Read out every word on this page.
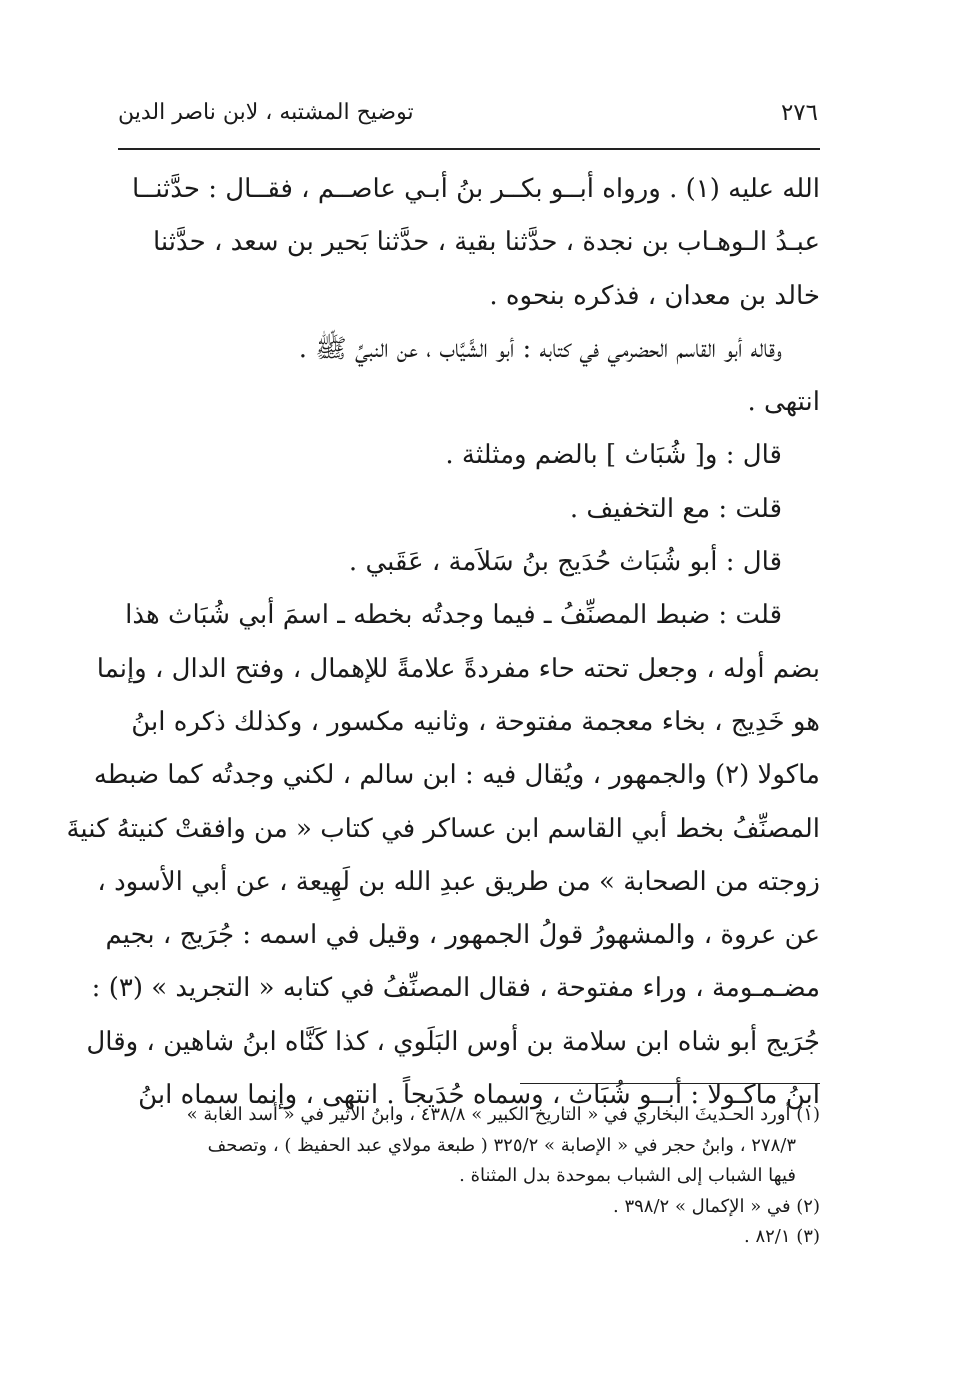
٢٧٦
توضيح المشتبه ، لابن ناصر الدين
الله عليه (١) . ورواه أبــو بكــر بنُ أبـي عاصــم ، فقــال : حدَّثنــا
عبـدُ الـوهـاب بن نجدة ، حدَّثنا بقية ، حدَّثنا بَحير بن سعد ، حدَّثنا
خالد بن معدان ، فذكره بنحوه .
وقاله أبو القاسم الحضرمي في كتابه : أبو الشَّيَّاب ، عن النبيِّ ﷺ .
انتهى .
قال : و[ شُبَاث ] بالضم ومثلثة .
قلت : مع التخفيف .
قال : أبو شُبَاث حُدَيج بنُ سَلاَمة ، عَقَبي .
قلت : ضبط المصنِّفُ ـ فيما وجدتُه بخطه ـ اسمَ أبي شُبَاث هذا
بضم أوله ، وجعل تحته حاء مفردةً علامةً للإهمال ، وفتح الدال ، وإنما
هو خَدِيج ، بخاء معجمة مفتوحة ، وثانيه مكسور ، وكذلك ذكره ابنُ
ماكولا (٢) والجمهور ، ويُقال فيه : ابن سالم ، لكني وجدتُه كما ضبطه
المصنِّفُ بخط أبي القاسم ابن عساكر في كتاب « من وافقتْ كنيتهُ كنيةَ
زوجته من الصحابة » من طريق عبدِ الله بن لَهِيعة ، عن أبي الأسود ،
عن عروة ، والمشهورُ قولُ الجمهور ، وقيل في اسمه : جُرَيج ، بجيم
مضـمـومة ، وراء مفتوحة ، فقال المصنِّفُ في كتابه « التجريد » (٣) :
جُرَيج أبو شاه ابن سلامة بن أوس البَلَوي ، كذا كَنَّاه ابنُ شاهين ، وقال
ابنُ ماكـولا : أبــو شُبَاث ، وسماه حُدَيجاً . انتهى ، وإنما سماه ابنُ
(١) أورد الحـديثَ البخاري في « التاريخ الكبير » ٤٣٨/٨ ، وابنُ الأثير في « أسد الغابة »
٢٧٨/٣ ، وابنُ حجر في « الإصابة » ٣٢٥/٢ ( طبعة مولاي عبد الحفيظ ) ، وتصحف
فيها الشباب إلى الشباب بموحدة بدل المثناة .
(٢) في « الإكمال » ٣٩٨/٢ .
(٣) ٨٢/١ .
